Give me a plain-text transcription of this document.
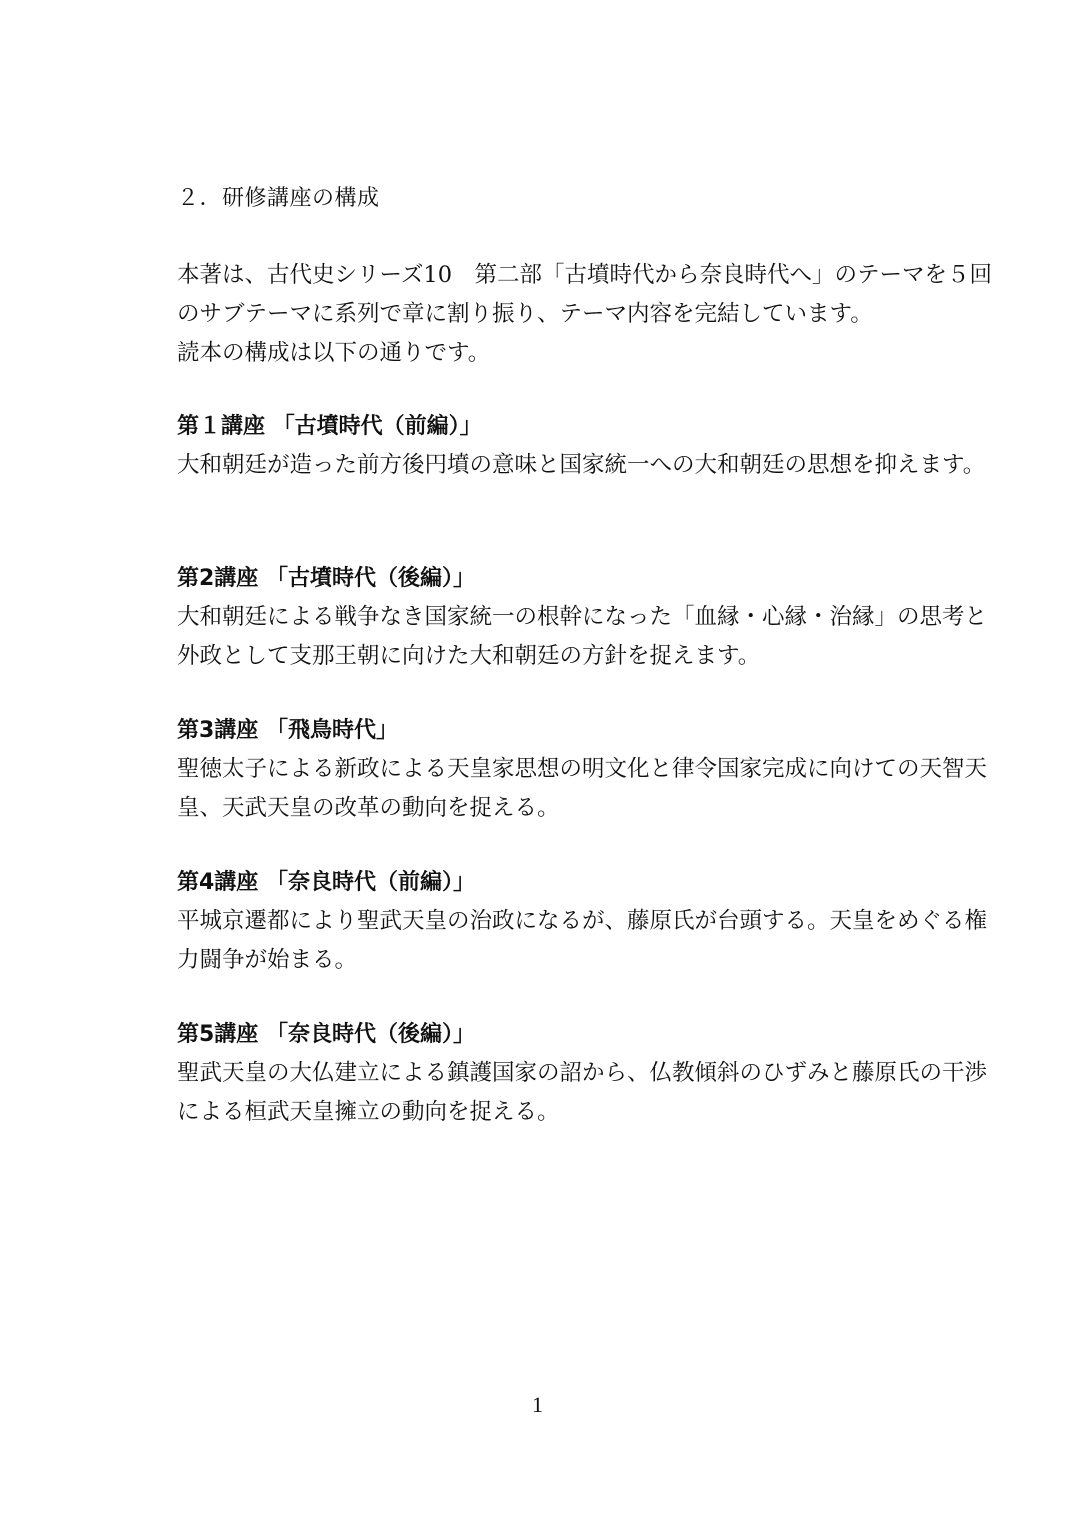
２．研修講座の構成

本著は、古代史シリーズ10　第二部「古墳時代から奈良時代へ」のテーマを５回のサブテーマに系列で章に割り振り、テーマ内容を完結しています。

読本の構成は以下の通りです。

第１講座 「古墳時代（前編）」

大和朝廷が造った前方後円墳の意味と国家統一への大和朝廷の思想を抑えます。

第2講座 「古墳時代（後編）」

大和朝廷による戦争なき国家統一の根幹になった「血縁・心縁・治縁」の思考と外政として支那王朝に向けた大和朝廷の方針を捉えます。

第3講座 「飛鳥時代」

聖徳太子による新政による天皇家思想の明文化と律令国家完成に向けての天智天皇、天武天皇の改革の動向を捉える。

第4講座 「奈良時代（前編）」

平城京遷都により聖武天皇の治政になるが、藤原氏が台頭する。天皇をめぐる権力闘争が始まる。

第5講座 「奈良時代（後編）」

聖武天皇の大仏建立による鎮護国家の詔から、仏教傾斜のひずみと藤原氏の干渉による桓武天皇擁立の動向を捉える。

1
